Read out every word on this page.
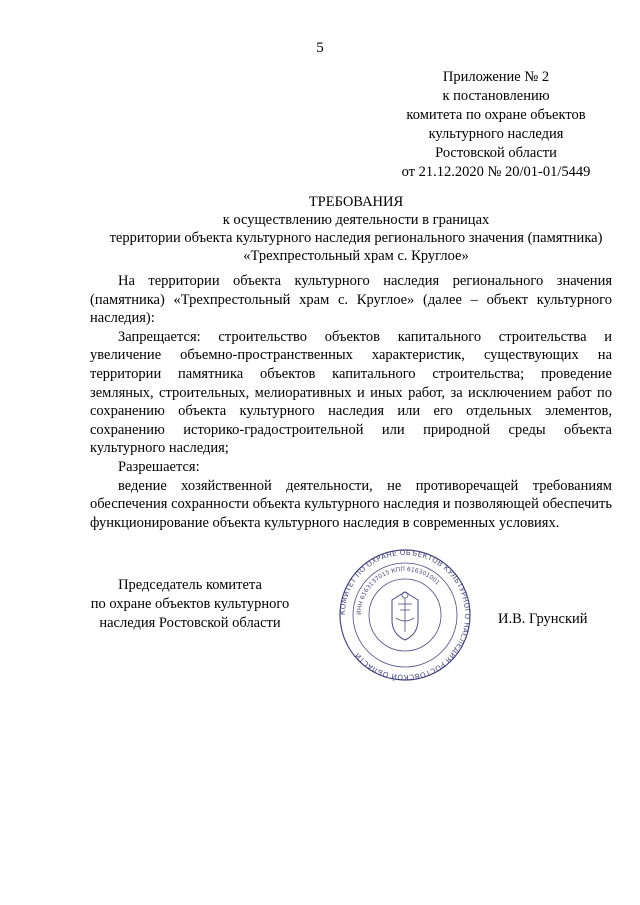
5
Приложение № 2
к постановлению
комитета по охране объектов
культурного наследия
Ростовской области
от 21.12.2020 № 20/01-01/5449
ТРЕБОВАНИЯ
к осуществлению деятельности в границах
территории объекта культурного наследия регионального значения (памятника)
«Трехпрестольный храм с. Круглое»

На территории объекта культурного наследия регионального значения (памятника) «Трехпрестольный храм с. Круглое» (далее – объект культурного наследия):

Запрещается: строительство объектов капитального строительства и увеличение объемно-пространственных характеристик, существующих на территории памятника объектов капитального строительства; проведение земляных, строительных, мелиоративных и иных работ, за исключением работ по сохранению объекта культурного наследия или его отдельных элементов, сохранению историко-градостроительной или природной среды объекта культурного наследия;

Разрешается:

ведение хозяйственной деятельности, не противоречащей требованиям обеспечения сохранности объекта культурного наследия и позволяющей обеспечить функционирование объекта культурного наследия в современных условиях.

Председатель комитета
по охране объектов культурного
наследия Ростовской области
КОМИТЕТ ПО ОХРАНЕ ОБЪЕКТОВ КУЛЬТУРНОГО НАСЛЕДИЯ РОСТОВСКОЙ ОБЛАСТИ
ИНН 6163137015 КПП 616301001
И.В. Грунский
